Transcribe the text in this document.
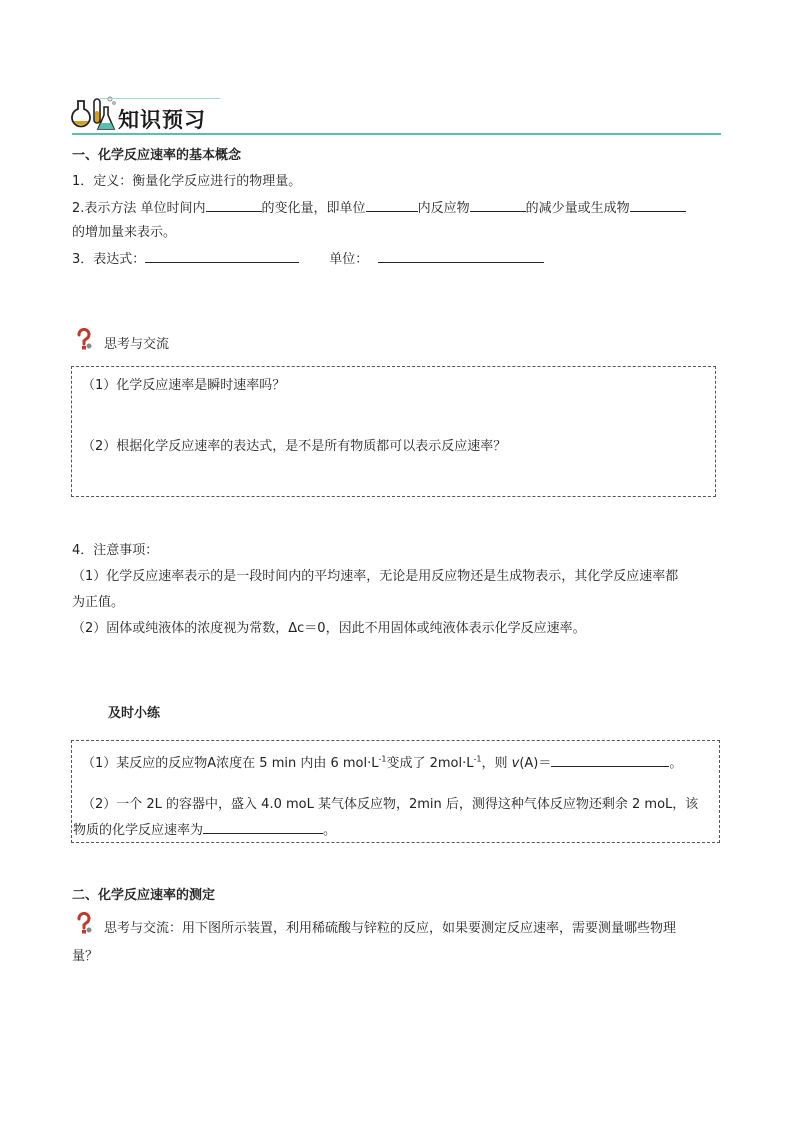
知识预习
一、化学反应速率的基本概念
1．定义：衡量化学反应进行的物理量。
2.表示方法 单位时间内	的变化量，即单位	内反应物	的减少量或生成物
的增加量来表示。
3．表达式：	单位：
思考与交流
（1）化学反应速率是瞬时速率吗？
（2）根据化学反应速率的表达式，是不是所有物质都可以表示反应速率？
4．注意事项：
（1）化学反应速率表示的是一段时间内的平均速率，无论是用反应物还是生成物表示，其化学反应速率都
为正值。
（2）固体或纯液体的浓度视为常数，Δc＝0，因此不用固体或纯液体表示化学反应速率。
及时小练
（1）某反应的反应物A浓度在 5 min 内由 6 $mol\cdot L^{-1}$变成了 $2mol\cdot L^{-1}$，则 v(A)＝	。
（2）一个 2L 的容器中，盛入 4.0 moL 某气体反应物，2min 后，测得这种气体反应物还剩余 2 moL，该
物质的化学反应速率为	。
二、化学反应速率的测定
思考与交流：用下图所示装置，利用稀硫酸与锌粒的反应，如果要测定反应速率，需要测量哪些物理
量？
